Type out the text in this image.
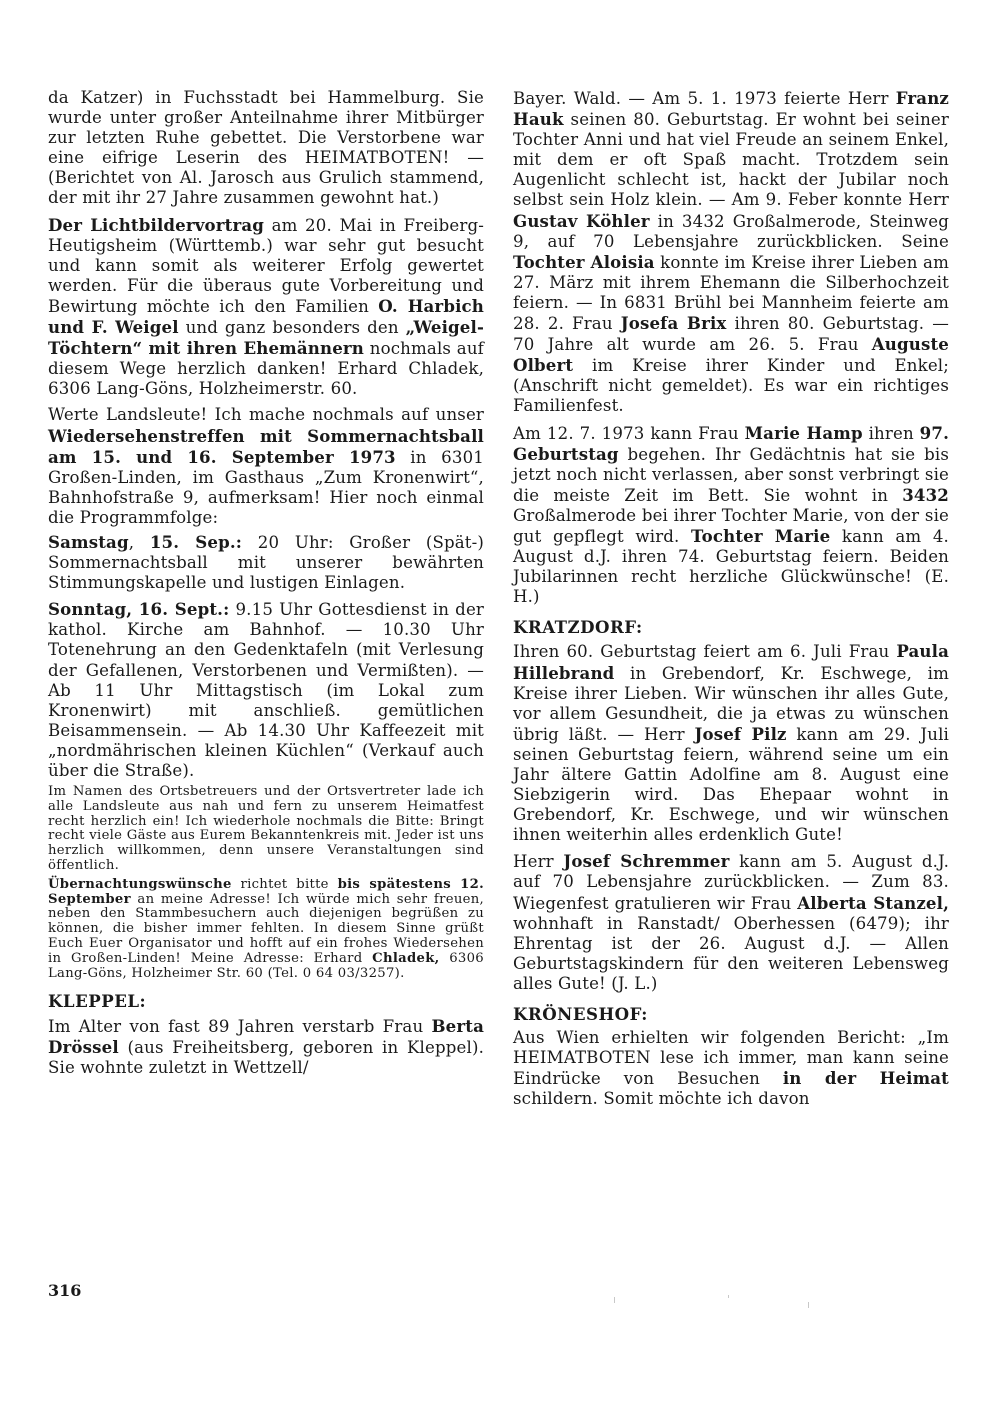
da Katzer) in Fuchsstadt bei Hammelburg. Sie wurde unter großer Anteilnahme ihrer Mitbürger zur letzten Ruhe gebettet. Die Verstorbene war eine eifrige Leserin des HEIMATBOTEN! — (Berichtet von Al. Jarosch aus Grulich stammend, der mit ihr 27 Jahre zusammen gewohnt hat.)

Der Lichtbildervortrag am 20. Mai in Freiberg-Heutigsheim (Württemb.) war sehr gut besucht und kann somit als weiterer Erfolg gewertet werden. Für die überaus gute Vorbereitung und Bewirtung möchte ich den Familien O. Harbich und F. Weigel und ganz besonders den „Weigel-Töchtern“ mit ihren Ehemännern nochmals auf diesem Wege herzlich danken! Erhard Chladek, 6306 Lang-Göns, Holzheimerstr. 60.

Werte Landsleute! Ich mache nochmals auf unser Wiedersehenstreffen mit Sommernachtsball am 15. und 16. September 1973 in 6301 Großen-Linden, im Gasthaus „Zum Kronenwirt“, Bahnhofstraße 9, aufmerksam! Hier noch einmal die Programmfolge:

Samstag, 15. Sep.: 20 Uhr: Großer (Spät-) Sommernachtsball mit unserer bewährten Stimmungskapelle und lustigen Einlagen.

Sonntag, 16. Sept.: 9.15 Uhr Gottesdienst in der kathol. Kirche am Bahnhof. — 10.30 Uhr Totenehrung an den Gedenktafeln (mit Verlesung der Gefallenen, Verstorbenen und Vermißten). — Ab 11 Uhr Mittagstisch (im Lokal zum Kronenwirt) mit anschließ. gemütlichen Beisammensein. — Ab 14.30 Uhr Kaffeezeit mit „nordmährischen kleinen Küchlen“ (Verkauf auch über die Straße).

Im Namen des Ortsbetreuers und der Ortsvertreter lade ich alle Landsleute aus nah und fern zu unserem Heimatfest recht herzlich ein! Ich wiederhole nochmals die Bitte: Bringt recht viele Gäste aus Eurem Bekanntenkreis mit. Jeder ist uns herzlich willkommen, denn unsere Veranstaltungen sind öffentlich.

Übernachtungswünsche richtet bitte bis spätestens 12. September an meine Adresse! Ich würde mich sehr freuen, neben den Stammbesuchern auch diejenigen begrüßen zu können, die bisher immer fehlten. In diesem Sinne grüßt Euch Euer Organisator und hofft auf ein frohes Wiedersehen in Großen-Linden! Meine Adresse: Erhard Chladek, 6306 Lang-Göns, Holzheimer Str. 60 (Tel. 0 64 03/3257).

KLEPPEL:

Im Alter von fast 89 Jahren verstarb Frau Berta Drössel (aus Freiheitsberg, geboren in Kleppel). Sie wohnte zuletzt in Wettzell/

Bayer. Wald. — Am 5. 1. 1973 feierte Herr Franz Hauk seinen 80. Geburtstag. Er wohnt bei seiner Tochter Anni und hat viel Freude an seinem Enkel, mit dem er oft Spaß macht. Trotzdem sein Augenlicht schlecht ist, hackt der Jubilar noch selbst sein Holz klein. — Am 9. Feber konnte Herr Gustav Köhler in 3432 Großalmerode, Steinweg 9, auf 70 Lebensjahre zurückblicken. Seine Tochter Aloisia konnte im Kreise ihrer Lieben am 27. März mit ihrem Ehemann die Silberhochzeit feiern. — In 6831 Brühl bei Mannheim feierte am 28. 2. Frau Josefa Brix ihren 80. Geburtstag. — 70 Jahre alt wurde am 26. 5. Frau Auguste Olbert im Kreise ihrer Kinder und Enkel; (Anschrift nicht gemeldet). Es war ein richtiges Familienfest.

Am 12. 7. 1973 kann Frau Marie Hamp ihren 97. Geburtstag begehen. Ihr Gedächtnis hat sie bis jetzt noch nicht verlassen, aber sonst verbringt sie die meiste Zeit im Bett. Sie wohnt in 3432 Großalmerode bei ihrer Tochter Marie, von der sie gut gepflegt wird. Tochter Marie kann am 4. August d.J. ihren 74. Geburtstag feiern. Beiden Jubilarinnen recht herzliche Glückwünsche! (E. H.)

KRATZDORF:

Ihren 60. Geburtstag feiert am 6. Juli Frau Paula Hillebrand in Grebendorf, Kr. Eschwege, im Kreise ihrer Lieben. Wir wünschen ihr alles Gute, vor allem Gesundheit, die ja etwas zu wünschen übrig läßt. — Herr Josef Pilz kann am 29. Juli seinen Geburtstag feiern, während seine um ein Jahr ältere Gattin Adolfine am 8. August eine Siebzigerin wird. Das Ehepaar wohnt in Grebendorf, Kr. Eschwege, und wir wünschen ihnen weiterhin alles erdenklich Gute!

Herr Josef Schremmer kann am 5. August d.J. auf 70 Lebensjahre zurückblicken. — Zum 83. Wiegenfest gratulieren wir Frau Alberta Stanzel, wohnhaft in Ranstadt/ Oberhessen (6479); ihr Ehrentag ist der 26. August d.J. — Allen Geburtstagskindern für den weiteren Lebensweg alles Gute! (J. L.)

KRÖNESHOF:

Aus Wien erhielten wir folgenden Bericht: „Im HEIMATBOTEN lese ich immer, man kann seine Eindrücke von Besuchen in der Heimat schildern. Somit möchte ich davon

316
